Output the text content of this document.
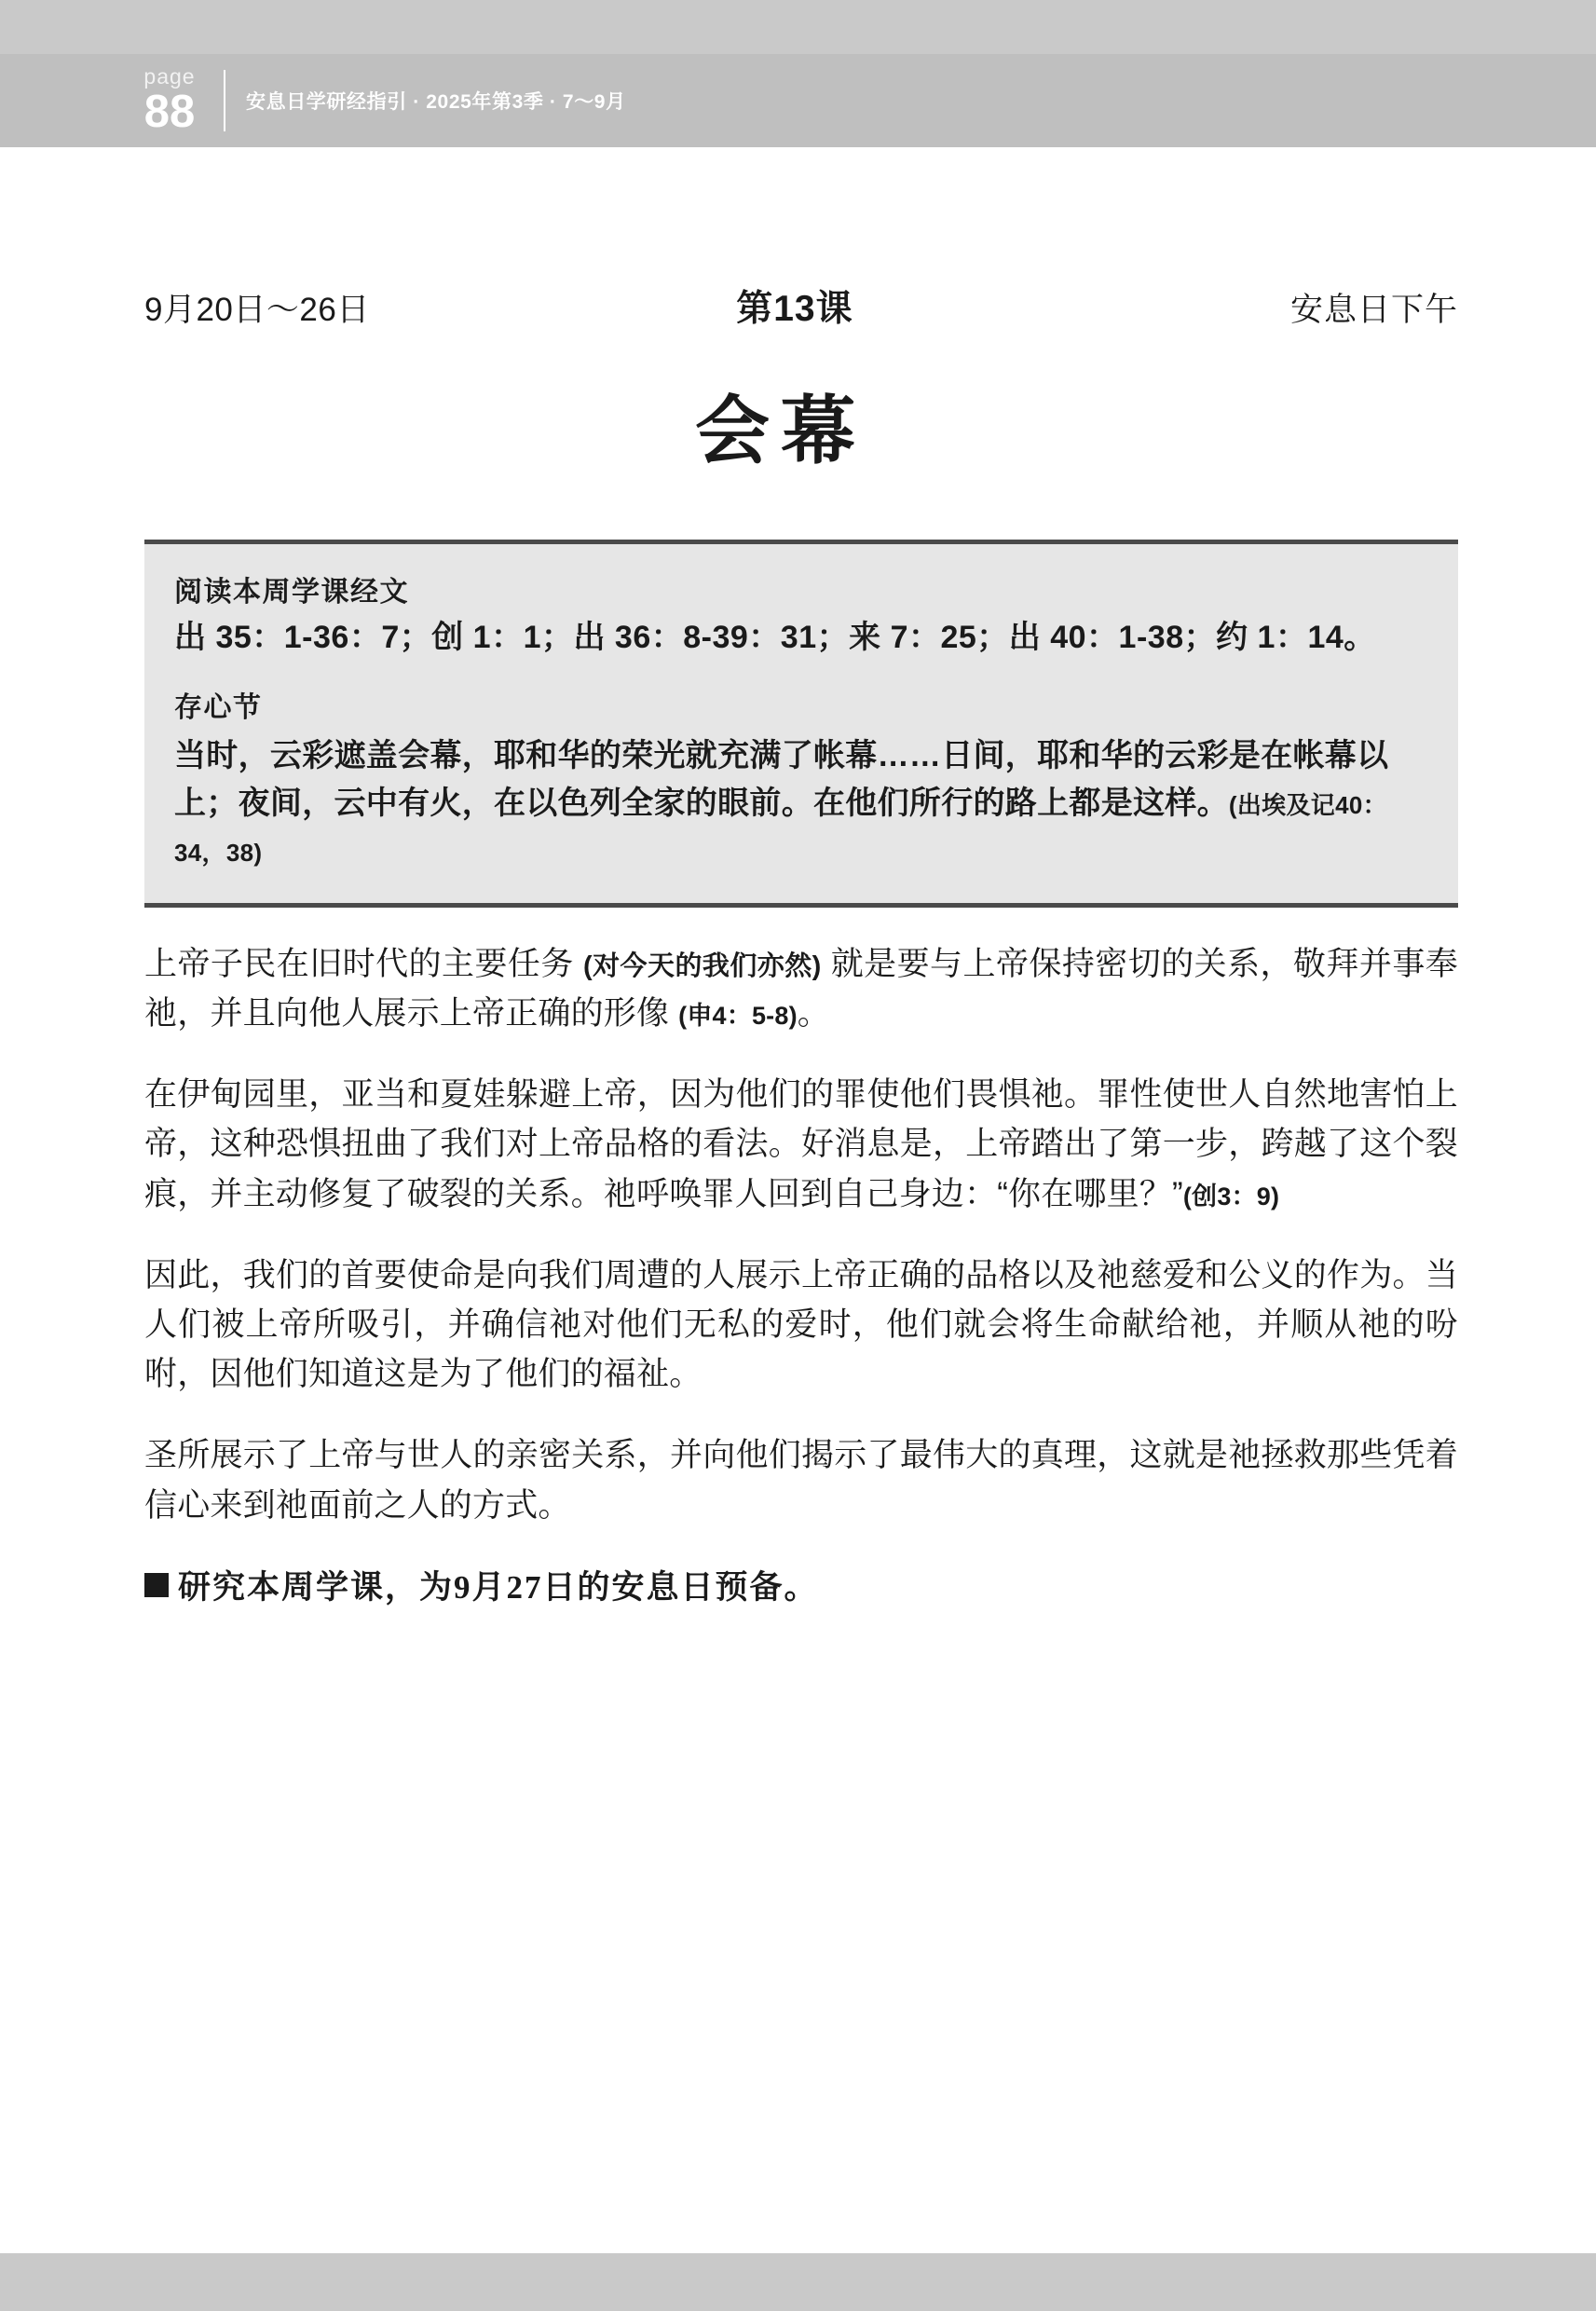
page
88	安息日学研经指引 · 2025年第3季 · 7～9月
9月20日～26日	第13课	安息日下午
会幕
阅读本周学课经文
出 35：1-36：7；创 1：1；出 36：8-39：31；来 7：25；出 40：1-38；约 1：14。
存心节
当时，云彩遮盖会幕，耶和华的荣光就充满了帐幕……日间，耶和华的云彩是在帐幕以上；夜间，云中有火，在以色列全家的眼前。在他们所行的路上都是这样。(出埃及记40：34，38)

上帝子民在旧时代的主要任务 (对今天的我们亦然) 就是要与上帝保持密切的关系，敬拜并事奉祂，并且向他人展示上帝正确的形像 (申4：5-8)。

在伊甸园里，亚当和夏娃躲避上帝，因为他们的罪使他们畏惧祂。罪性使世人自然地害怕上帝，这种恐惧扭曲了我们对上帝品格的看法。好消息是，上帝踏出了第一步，跨越了这个裂痕，并主动修复了破裂的关系。祂呼唤罪人回到自己身边：“你在哪里？”(创3：9)

因此，我们的首要使命是向我们周遭的人展示上帝正确的品格以及祂慈爱和公义的作为。当人们被上帝所吸引，并确信祂对他们无私的爱时，他们就会将生命献给祂，并顺从祂的吩咐，因他们知道这是为了他们的福祉。

圣所展示了上帝与世人的亲密关系，并向他们揭示了最伟大的真理，这就是祂拯救那些凭着信心来到祂面前之人的方式。

研究本周学课，为9月27日的安息日预备。
